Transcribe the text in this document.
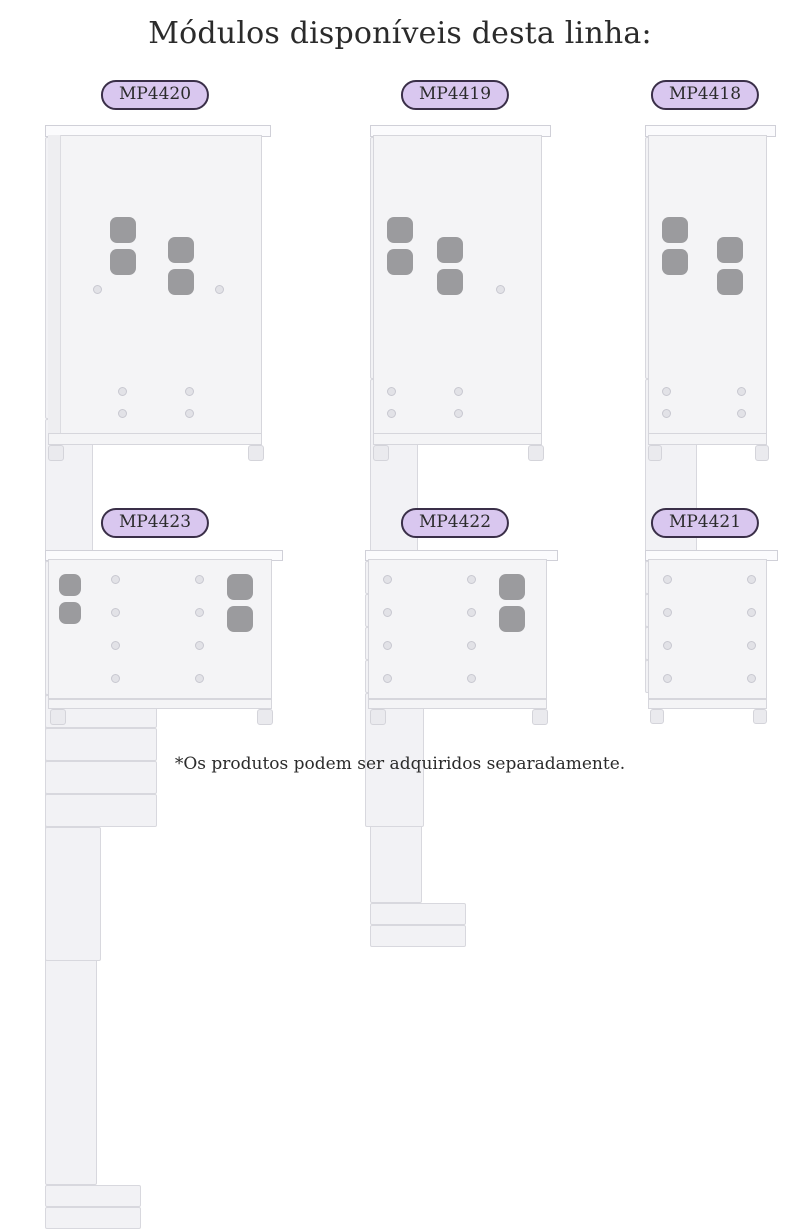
Módulos disponíveis desta linha:
MP4420	MP4419	MP4418
MP4423	MP4422	MP4421
*Os produtos podem ser adquiridos separadamente.
